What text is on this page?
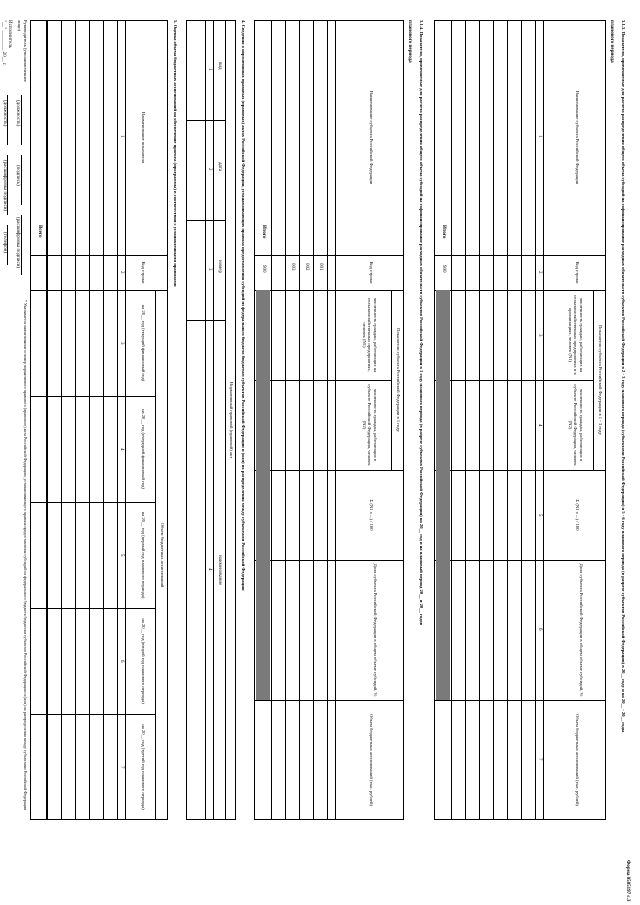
Форма 0505197 с.3
3.1.3. Показатели, применяемые для расчета распределения общего объема субсидий на софинансирование расходных обязательств субъектов Российской Федерации в 2 - 3 году планового периода (субъектами Российской Федерации) и 5 - 6 году планового периода (в разрезе субъектов Российской Федерации) в 20__ году и на 20__ - 20__ годы
планового периода
Наименование субъекта Российской Федерации
Код строки
Показатели субъекта Российской Федерации в 1 - 3 году
численность граждан, работающих на сельскохозяйственных предприятиях и в организациях, человек (N1)
численность граждан, работающих в субъекте Российской Федерации, человек (N2)
Σ (N1 x ...) / 100
Доля субъекта Российской Федерации в общем объеме субсидий, %
Объем бюджетных ассигнований (тыс. рублей)
1
2
3
4
5
6
7
Итого
900
3.1.4. Показатели, применяемые для расчета распределения общего объема субсидий на софинансирование расходных обязательств субъектов Российской Федерации в 1 году планового периода (в разрезе субъектов Российской Федерации) на 20__ год и на плановый период 20__ и 20__ годов
планового периода
Наименование субъекта Российской Федерации
Код строки
Показатели субъекта Российской Федерации в 1 году
численность граждан, работающих на сельскохозяйственных предприятиях, человек (N1)
численность граждан, работающих в субъекте Российской Федерации, человек (N2)
Σ (N1 x ...) / 100
Доля субъекта Российской Федерации в общем объеме субсидий, %
Объем бюджетных ассигнований (тыс. рублей)
001
002
003
Итого
900
4. Сведения о нормативных правовых (правовых) актах Российской Федерации, устанавливающих правила предоставления субсидий из федерального бюджета бюджетам субъектов Российской Федерации и (или) их распределения между субъектами Российской Федерации
Нормативный правовой (правовой) акт
вид
дата
номер
наименование
1
2
3
4
5. Оценка объема бюджетных ассигнований на обеспечение проекта (программы) в соответствии с установленными правилами
Наименование показателя
Код строки
Объем бюджетных ассигнований
на 20__ год (текущий финансовый год)
на 20__ год (очередной финансовый год)
на 20__ год (первый год планового периода)
на 20__ год (второй год планового периода)
на 20__ год (третий год планового периода)
1
2
3
4
5
6
7
Всего
Руководитель (уполномоченное лицо)
(должность)
(подпись)
(расшифровка подписи)
Исполнитель
(должность)
(расшифровка подписи)
(телефон)
"__" ________ 20__ г.
* Указывается наименование и номер нормативного правового (правового) акта Российской Федерации, устанавливающего правила предоставления субсидий из федерального бюджета бюджетам субъектов Российской Федерации и (или) их распределения между субъектами Российской Федерации
